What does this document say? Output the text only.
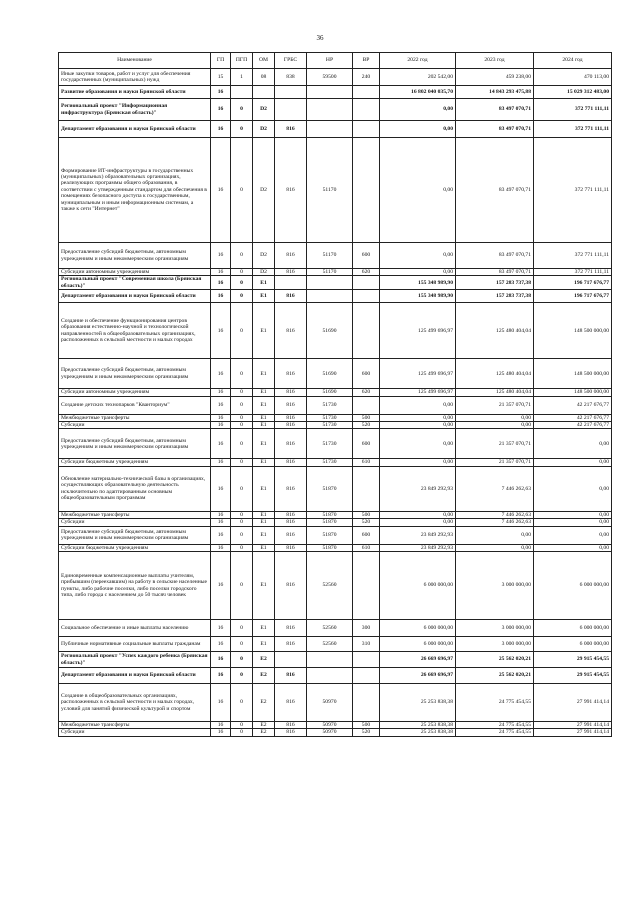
36
Наименование	ГП	ПГП	ОМ	ГРБС	НР	ВР	2022 год	2023 год	2024 год
Иные закупки товаров, работ и услуг для обеспечения государственных (муниципальных) нужд	15	1	08	838	59500	240	202 542,00	459 238,00	470 113,00
Развитие образования и науки Брянской области	16						16 802 040 035,70	14 843 293 475,88	15 029 312 483,00
Региональный проект "Информационная инфраструктура (Брянская область)"	16	0	D2				0,00	83 497 070,71	372 771 111,11
Департамент образования и науки Брянской области	16	0	D2	816			0,00	83 497 070,71	372 771 111,11
Формирование ИТ-инфраструктуры в государственных (муниципальных) образовательных организациях, реализующих программы общего образования, в соответствии с утвержденным стандартом для обеспечения в помещениях безопасного доступа к государственным, муниципальным и иным информационным системам, а также к сети "Интернет"	16	0	D2	816	51170		0,00	83 497 070,71	372 771 111,11
Предоставление субсидий бюджетным, автономным учреждениям и иным некоммерческим организациям	16	0	D2	816	51170	600	0,00	83 497 070,71	372 771 111,11
Субсидии автономным учреждениям	16	0	D2	816	51170	620	0,00	83 497 070,71	372 771 111,11
Региональный проект "Современная школа (Брянская область)"	16	0	E1				155 348 989,90	157 283 737,38	196 717 676,77
Департамент образования и науки Брянской области	16	0	E1	816			155 348 989,90	157 283 737,38	196 717 676,77
Создание и обеспечение функционирования центров образования естественно-научной и технологической направленностей в общеобразовательных организациях, расположенных в сельской местности и малых городах	16	0	E1	816	51690		125 499 696,97	125 480 404,04	148 500 000,00
Предоставление субсидий бюджетным, автономным учреждениям и иным некоммерческим организациям	16	0	E1	816	51690	600	125 499 696,97	125 480 404,04	148 500 000,00
Субсидии автономным учреждениям	16	0	E1	816	51690	620	125 499 696,97	125 480 404,04	148 500 000,00
Создание детских технопарков "Кванториум"	16	0	E1	816	51730		0,00	21 357 070,71	42 217 676,77
Межбюджетные трансферты	16	0	E1	816	51730	500	0,00	0,00	42 217 676,77
Субсидии	16	0	E1	816	51730	520	0,00	0,00	42 217 676,77
Предоставление субсидий бюджетным, автономным учреждениям и иным некоммерческим организациям	16	0	E1	816	51730	600	0,00	21 357 070,71	0,00
Субсидии бюджетным учреждениям	16	0	E1	816	51730	610	0,00	21 357 070,71	0,00
Обновление материально-технической базы в организациях, осуществляющих образовательную деятельность исключительно по адаптированным основным общеобразовательным программам	16	0	E1	816	51870		23 849 292,93	7 446 262,63	0,00
Межбюджетные трансферты	16	0	E1	816	51870	500	0,00	7 446 262,63	0,00
Субсидии	16	0	E1	816	51870	520	0,00	7 446 262,63	0,00
Предоставление субсидий бюджетным, автономным учреждениям и иным некоммерческим организациям	16	0	E1	816	51870	600	23 849 292,93	0,00	0,00
Субсидии бюджетным учреждениям	16	0	E1	816	51870	610	23 849 292,93	0,00	0,00
Единовременные компенсационные выплаты учителям, прибывшим (переехавшим) на работу в сельские населенные пункты, либо рабочие поселки, либо поселки городского типа, либо города с населением до 50 тысяч человек	16	0	E1	816	52560		6 000 000,00	3 000 000,00	6 000 000,00
Социальное обеспечение и иные выплаты населению	16	0	E1	816	52560	300	6 000 000,00	3 000 000,00	6 000 000,00
Публичные нормативные социальные выплаты гражданам	16	0	E1	816	52560	310	6 000 000,00	3 000 000,00	6 000 000,00
Региональный проект "Успех каждого ребенка (Брянская область)"	16	0	E2				26 669 696,97	25 562 020,21	29 915 454,55
Департамент образования и науки Брянской области	16	0	E2	816			26 669 696,97	25 562 020,21	29 915 454,55
Создание в общеобразовательных организациях, расположенных в сельской местности и малых городах, условий для занятий физической культурой и спортом	16	0	E2	816	50970		25 253 838,38	24 775 454,55	27 991 414,14
Межбюджетные трансферты	16	0	E2	816	50970	500	25 253 838,38	24 775 454,55	27 991 414,14
Субсидии	16	0	E2	816	50970	520	25 253 838,38	24 775 454,55	27 991 414,14
